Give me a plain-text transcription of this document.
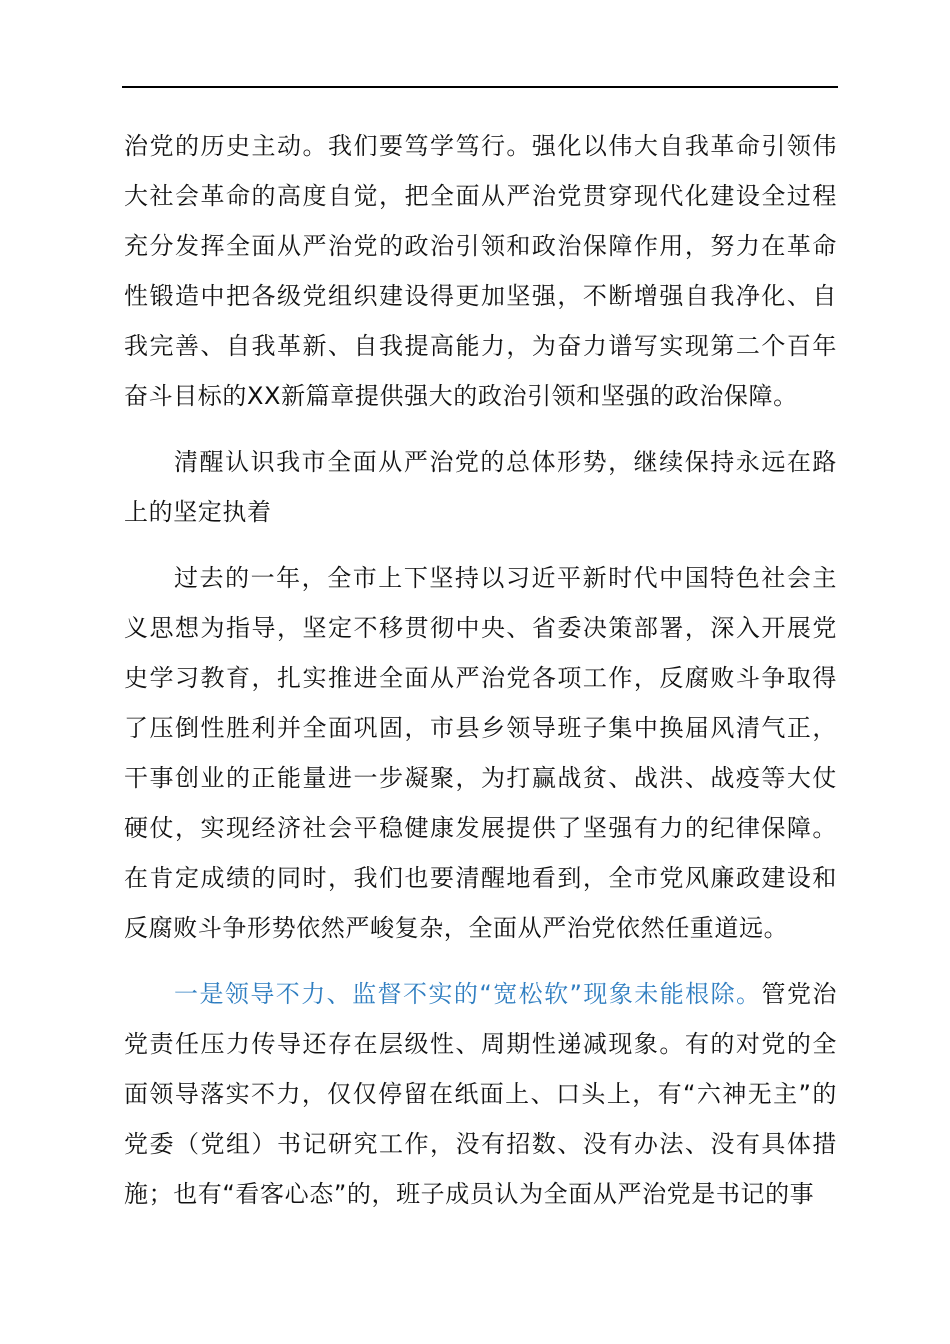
治党的历史主动。我们要笃学笃行。强化以伟大自我革命引领伟大社会革命的高度自觉，把全面从严治党贯穿现代化建设全过程充分发挥全面从严治党的政治引领和政治保障作用，努力在革命性锻造中把各级党组织建设得更加坚强，不断增强自我净化、自我完善、自我革新、自我提高能力，为奋力谱写实现第二个百年奋斗目标的XX新篇章提供强大的政治引领和坚强的政治保障。

清醒认识我市全面从严治党的总体形势，继续保持永远在路上的坚定执着

过去的一年，全市上下坚持以习近平新时代中国特色社会主义思想为指导，坚定不移贯彻中央、省委决策部署，深入开展党史学习教育，扎实推进全面从严治党各项工作，反腐败斗争取得了压倒性胜利并全面巩固，市县乡领导班子集中换届风清气正，干事创业的正能量进一步凝聚，为打赢战贫、战洪、战疫等大仗硬仗，实现经济社会平稳健康发展提供了坚强有力的纪律保障。在肯定成绩的同时，我们也要清醒地看到，全市党风廉政建设和反腐败斗争形势依然严峻复杂，全面从严治党依然任重道远。

一是领导不力、监督不实的“宽松软”现象未能根除。管党治党责任压力传导还存在层级性、周期性递减现象。有的对党的全面领导落实不力，仅仅停留在纸面上、口头上，有“六神无主”的党委（党组）书记研究工作，没有招数、没有办法、没有具体措施；也有“看客心态”的，班子成员认为全面从严治党是书记的事
